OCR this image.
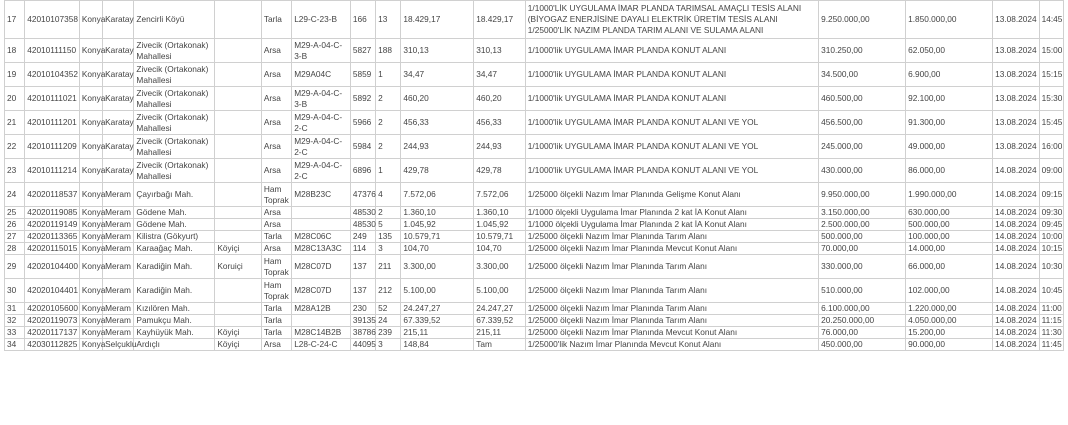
17	42010107358	Konya	Karatay	Zencirli Köyü		Tarla	L29-C-23-B	166	13	18.429,17	18.429,17	1/1000'LİK UYGULAMA İMAR PLANDA TARIMSAL AMAÇLI TESİS ALANI (BİYOGAZ ENERJİSİNE DAYALI ELEKTRİK ÜRETİM TESİS ALANI 1/25000'LİK NAZIM PLANDA TARIM ALANI VE SULAMA ALANI	9.250.000,00	1.850.000,00	13.08.2024	14:45
18	42010111150	Konya	Karatay	Zivecik (Ortakonak) Mahallesi		Arsa	M29-A-04-C-3-B	5827	188	310,13	310,13	1/1000'lik UYGULAMA İMAR PLANDA KONUT ALANI	310.250,00	62.050,00	13.08.2024	15:00
19	42010104352	Konya	Karatay	Zivecik (Ortakonak) Mahallesi		Arsa	M29A04C	5859	1	34,47	34,47	1/1000'lik UYGULAMA İMAR PLANDA KONUT ALANI	34.500,00	6.900,00	13.08.2024	15:15
20	42010111021	Konya	Karatay	Zivecik (Ortakonak) Mahallesi		Arsa	M29-A-04-C-3-B	5892	2	460,20	460,20	1/1000'lik UYGULAMA İMAR PLANDA KONUT ALANI	460.500,00	92.100,00	13.08.2024	15:30
21	42010111201	Konya	Karatay	Zivecik (Ortakonak) Mahallesi		Arsa	M29-A-04-C-2-C	5966	2	456,33	456,33	1/1000'lik UYGULAMA İMAR PLANDA KONUT ALANI VE YOL	456.500,00	91.300,00	13.08.2024	15:45
22	42010111209	Konya	Karatay	Zivecik (Ortakonak) Mahallesi		Arsa	M29-A-04-C-2-C	5984	2	244,93	244,93	1/1000'lik UYGULAMA İMAR PLANDA KONUT ALANI VE YOL	245.000,00	49.000,00	13.08.2024	16:00
23	42010111214	Konya	Karatay	Zivecik (Ortakonak) Mahallesi		Arsa	M29-A-04-C-2-C	6896	1	429,78	429,78	1/1000'lik UYGULAMA İMAR PLANDA KONUT ALANI VE YOL	430.000,00	86.000,00	14.08.2024	09:00
24	42020118537	Konya	Meram	Çayırbağı Mah.		Ham Toprak	M28B23C	47376	4	7.572,06	7.572,06	1/25000 ölçekli Nazım İmar Planında Gelişme Konut Alanı	9.950.000,00	1.990.000,00	14.08.2024	09:15
25	42020119085	Konya	Meram	Gödene Mah.		Arsa		48530	2	1.360,10	1.360,10	1/1000 ölçekli Uygulama İmar Planında 2 kat İA Konut Alanı	3.150.000,00	630.000,00	14.08.2024	09:30
26	42020119149	Konya	Meram	Gödene Mah.		Arsa		48530	5	1.045,92	1.045,92	1/1000 ölçekli Uygulama İmar Planında 2 kat İA Konut Alanı	2.500.000,00	500.000,00	14.08.2024	09:45
27	42020113365	Konya	Meram	Kilistra (Gökyurt)		Tarla	M28C06C	249	135	10.579,71	10.579,71	1/25000 ölçekli Nazım İmar Planında Tarım Alanı	500.000,00	100.000,00	14.08.2024	10:00
28	42020115015	Konya	Meram	Karaağaç Mah.	Köyiçi	Arsa	M28C13A3C	114	3	104,70	104,70	1/25000 ölçekli Nazım İmar Planında Mevcut Konut Alanı	70.000,00	14.000,00	14.08.2024	10:15
29	42020104400	Konya	Meram	Karadiğin Mah.	Koruiçi	Ham Toprak	M28C07D	137	211	3.300,00	3.300,00	1/25000 ölçekli Nazım İmar Planında Tarım Alanı	330.000,00	66.000,00	14.08.2024	10:30
30	42020104401	Konya	Meram	Karadiğin Mah.		Ham Toprak	M28C07D	137	212	5.100,00	5.100,00	1/25000 ölçekli Nazım İmar Planında Tarım Alanı	510.000,00	102.000,00	14.08.2024	10:45
31	42020105600	Konya	Meram	Kızılören Mah.		Tarla	M28A12B	230	52	24.247,27	24.247,27	1/25000 ölçekli Nazım İmar Planında Tarım Alanı	6.100.000,00	1.220.000,00	14.08.2024	11:00
32	42020119073	Konya	Meram	Pamukçu Mah.		Tarla		39135	24	67.339,52	67.339,52	1/25000 ölçekli Nazım İmar Planında Tarım Alanı	20.250.000,00	4.050.000,00	14.08.2024	11:15
33	42020117137	Konya	Meram	Kayhüyük Mah.	Köyiçi	Tarla	M28C14B2B	38786	239	215,11	215,11	1/25000 ölçekli Nazım İmar Planında Mevcut Konut Alanı	76.000,00	15.200,00	14.08.2024	11:30
34	42030112825	Konya	Selçuklu	Ardıçlı	Köyiçi	Arsa	L28-C-24-C	44095	3	148,84	Tam	1/25000'lik Nazım İmar Planında Mevcut Konut Alanı	450.000,00	90.000,00	14.08.2024	11:45
